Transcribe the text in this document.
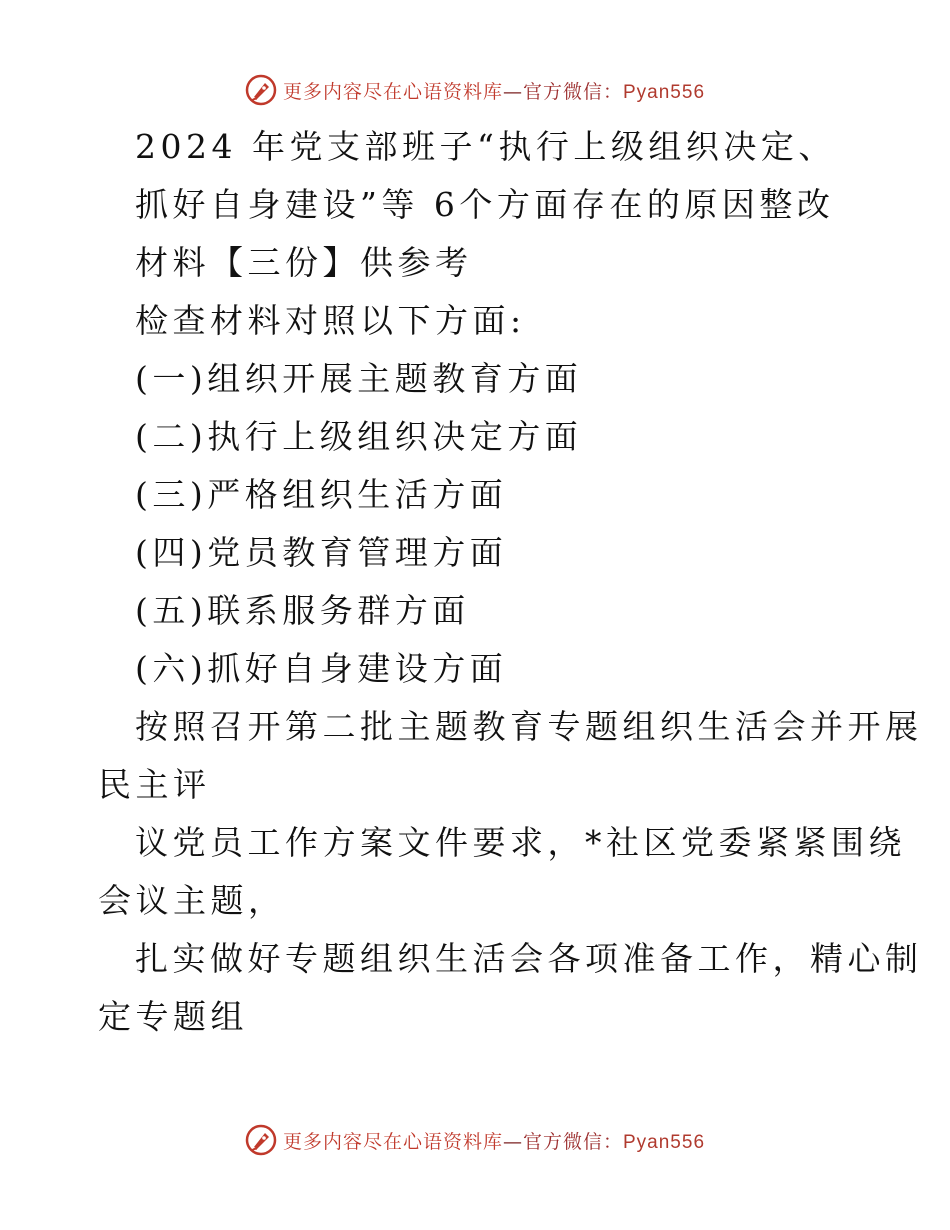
更多内容尽在心语资料库—官方微信：Pyan556
2024 年党支部班子“执行上级组织决定、
抓好自身建设”等 6个方面存在的原因整改
材料【三份】供参考
检查材料对照以下方面:
(一)组织开展主题教育方面
(二)执行上级组织决定方面
(三)严格组织生活方面
(四)党员教育管理方面
(五)联系服务群方面
(六)抓好自身建设方面
按照召开第二批主题教育专题组织生活会并开展
民主评
议党员工作方案文件要求，*社区党委紧紧围绕
会议主题，
扎实做好专题组织生活会各项准备工作，精心制
定专题组
更多内容尽在心语资料库—官方微信：Pyan556
